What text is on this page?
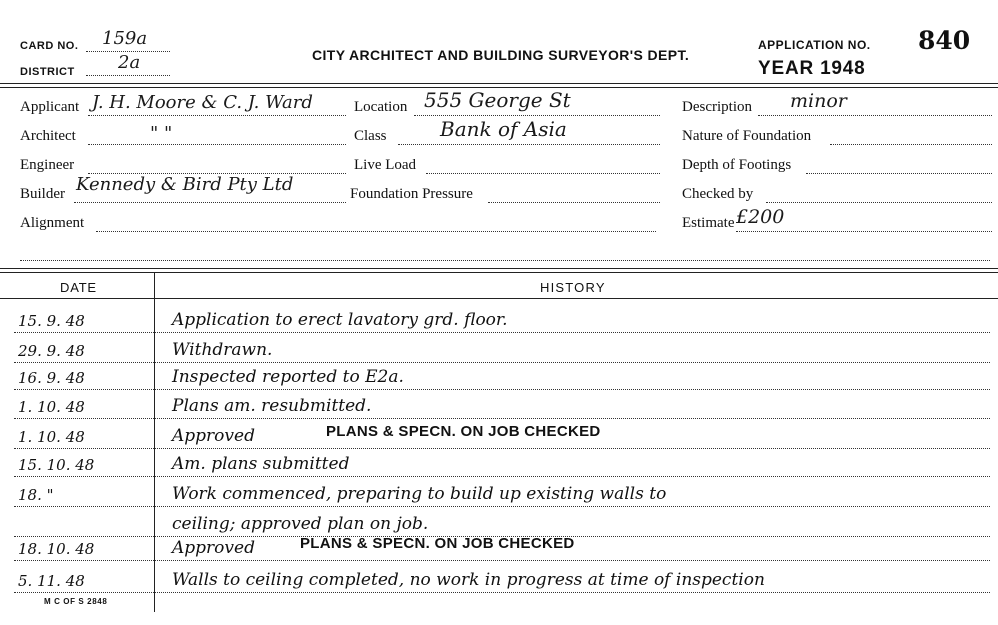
CARD NO. 159a
DISTRICT 2a	CITY ARCHITECT AND BUILDING SURVEYOR'S DEPT.
APPLICATION NO. 840
YEAR 1948
Applicant J. H. Moore & C. J. Ward
Architect	" "
Engineer
Builder Kennedy & Bird Pty Ltd
Alignment
Location 555 George St
Class	Bank of Asia
Live Load
Foundation Pressure
Description minor
Nature of Foundation
Depth of Footings
Checked by
Estimate £200
DATE	HISTORY
15. 9. 48	Application to erect lavatory grd. floor.
29. 9. 48	Withdrawn.
16. 9. 48	Inspected reported to E2a.
1. 10. 48	Plans am. resubmitted.
1. 10. 48	Approved	PLANS & SPECN. ON JOB CHECKED
15. 10. 48	Am. plans submitted
18. "	Work commenced, preparing to build up existing walls to
ceiling; approved plan on job.
18. 10. 48	Approved	PLANS & SPECN. ON JOB CHECKED
5. 11. 48	Walls to ceiling completed, no work in progress at time of inspection
M C OF S 2848
